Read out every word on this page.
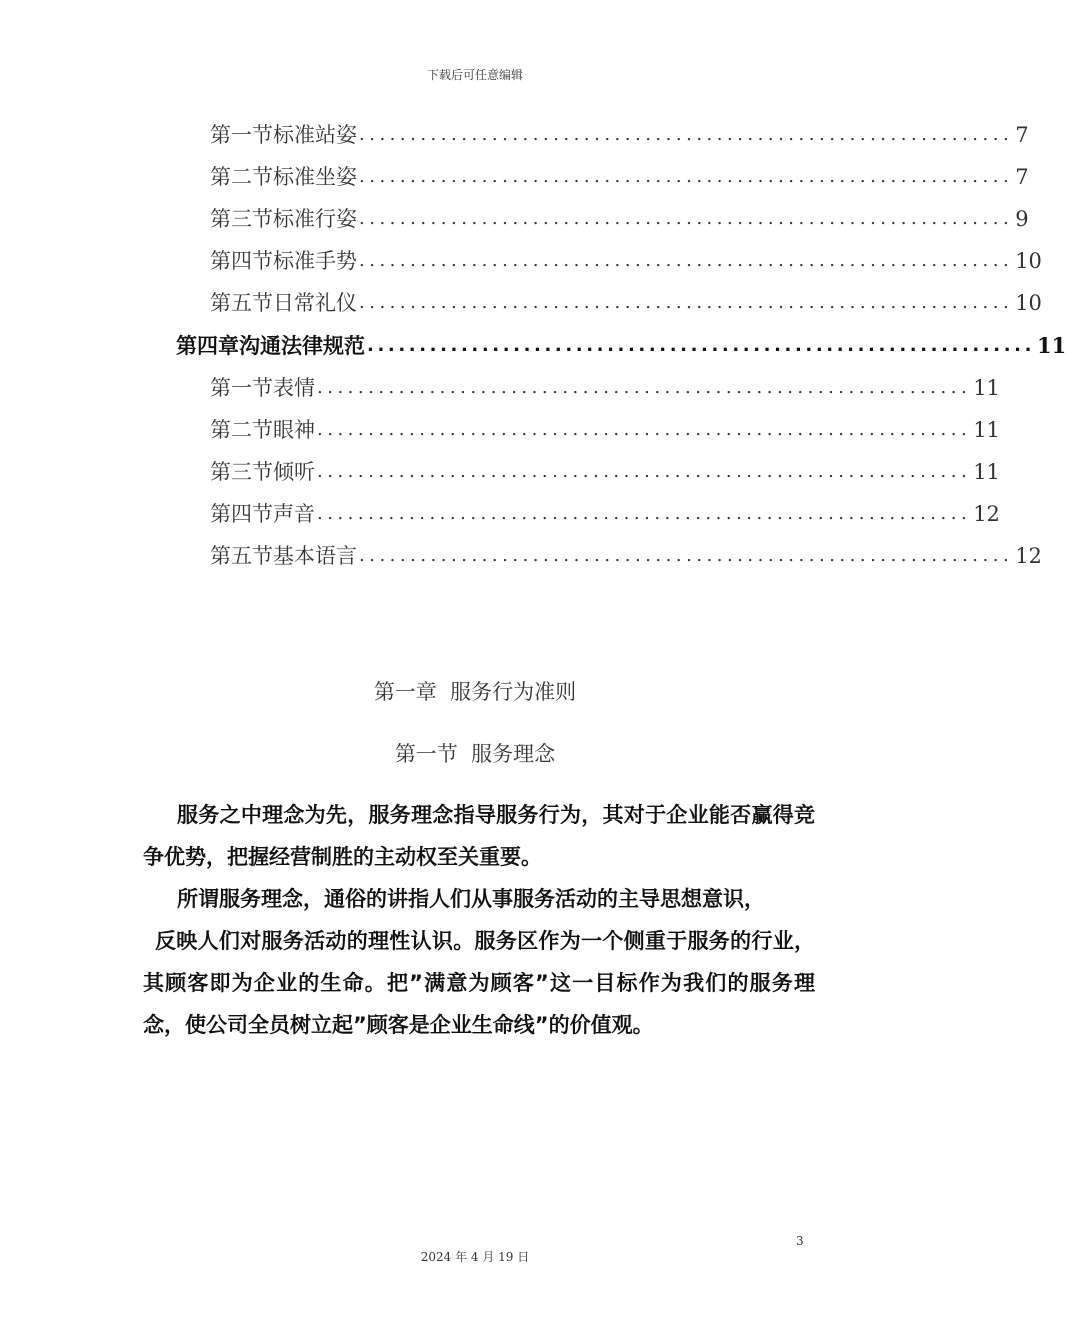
下载后可任意编辑
第一节 标准站姿 ................................................................ 7
第二节 标准坐姿 ................................................................ 7
第三节 标准行姿 ................................................................ 9
第四节 标准手势 ................................................................ 10
第五节 日常礼仪 ................................................................ 10
第四章 沟通法律规范 ................................................................ 11
第一节 表情 ................................................................ 11
第二节 眼神 ................................................................ 11
第三节 倾听 ................................................................ 11
第四节 声音 ................................................................ 12
第五节 基本语言 ................................................................ 12
第一章 服务行为准则
第一节 服务理念

服务之中理念为先，服务理念指导服务行为，其对于企业能否赢得竞争优势，把握经营制胜的主动权至关重要。

所谓服务理念，通俗的讲指人们从事服务活动的主导思想意识，

反映人们对服务活动的理性认识。服务区作为一个侧重于服务的行业，其顾客即为企业的生命。把”满意为顾客”这一目标作为我们的服务理念，使公司全员树立起”顾客是企业生命线”的价值观。

3
2024 年 4 月 19 日
